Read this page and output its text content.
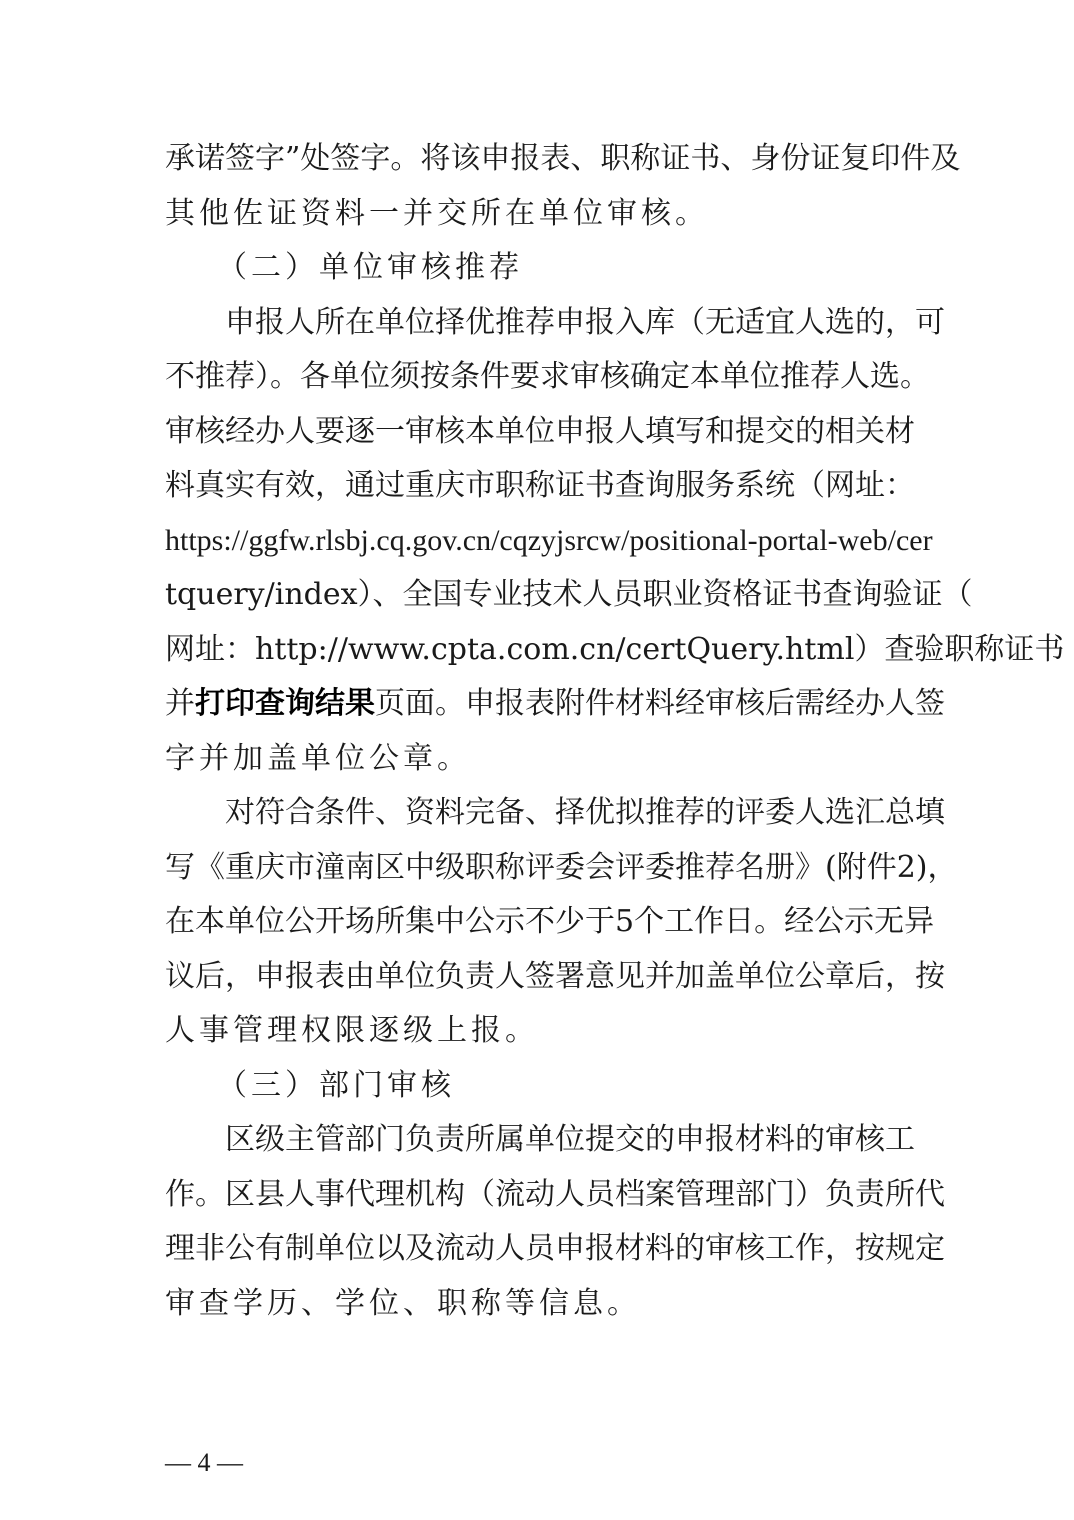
承诺签字”处签字。将该申报表、职称证书、身份证复印件及
其他佐证资料一并交所在单位审核。
（二）单位审核推荐
申报人所在单位择优推荐申报入库（无适宜人选的，可
不推荐）。各单位须按条件要求审核确定本单位推荐人选。
审核经办人要逐一审核本单位申报人填写和提交的相关材
料真实有效，通过重庆市职称证书查询服务系统（网址：
https://ggfw.rlsbj.cq.gov.cn/cqzyjsrcw/positional-portal-web/cer
tquery/index）、全国专业技术人员职业资格证书查询验证（
网址：http://www.cpta.com.cn/certQuery.html）查验职称证书
并打印查询结果页面。申报表附件材料经审核后需经办人签
字并加盖单位公章。
对符合条件、资料完备、择优拟推荐的评委人选汇总填
写《重庆市潼南区中级职称评委会评委推荐名册》(附件2)，
在本单位公开场所集中公示不少于5个工作日。经公示无异
议后，申报表由单位负责人签署意见并加盖单位公章后，按
人事管理权限逐级上报。
（三）部门审核
区级主管部门负责所属单位提交的申报材料的审核工
作。区县人事代理机构（流动人员档案管理部门）负责所代
理非公有制单位以及流动人员申报材料的审核工作，按规定
审查学历、学位、职称等信息。
— 4 —
